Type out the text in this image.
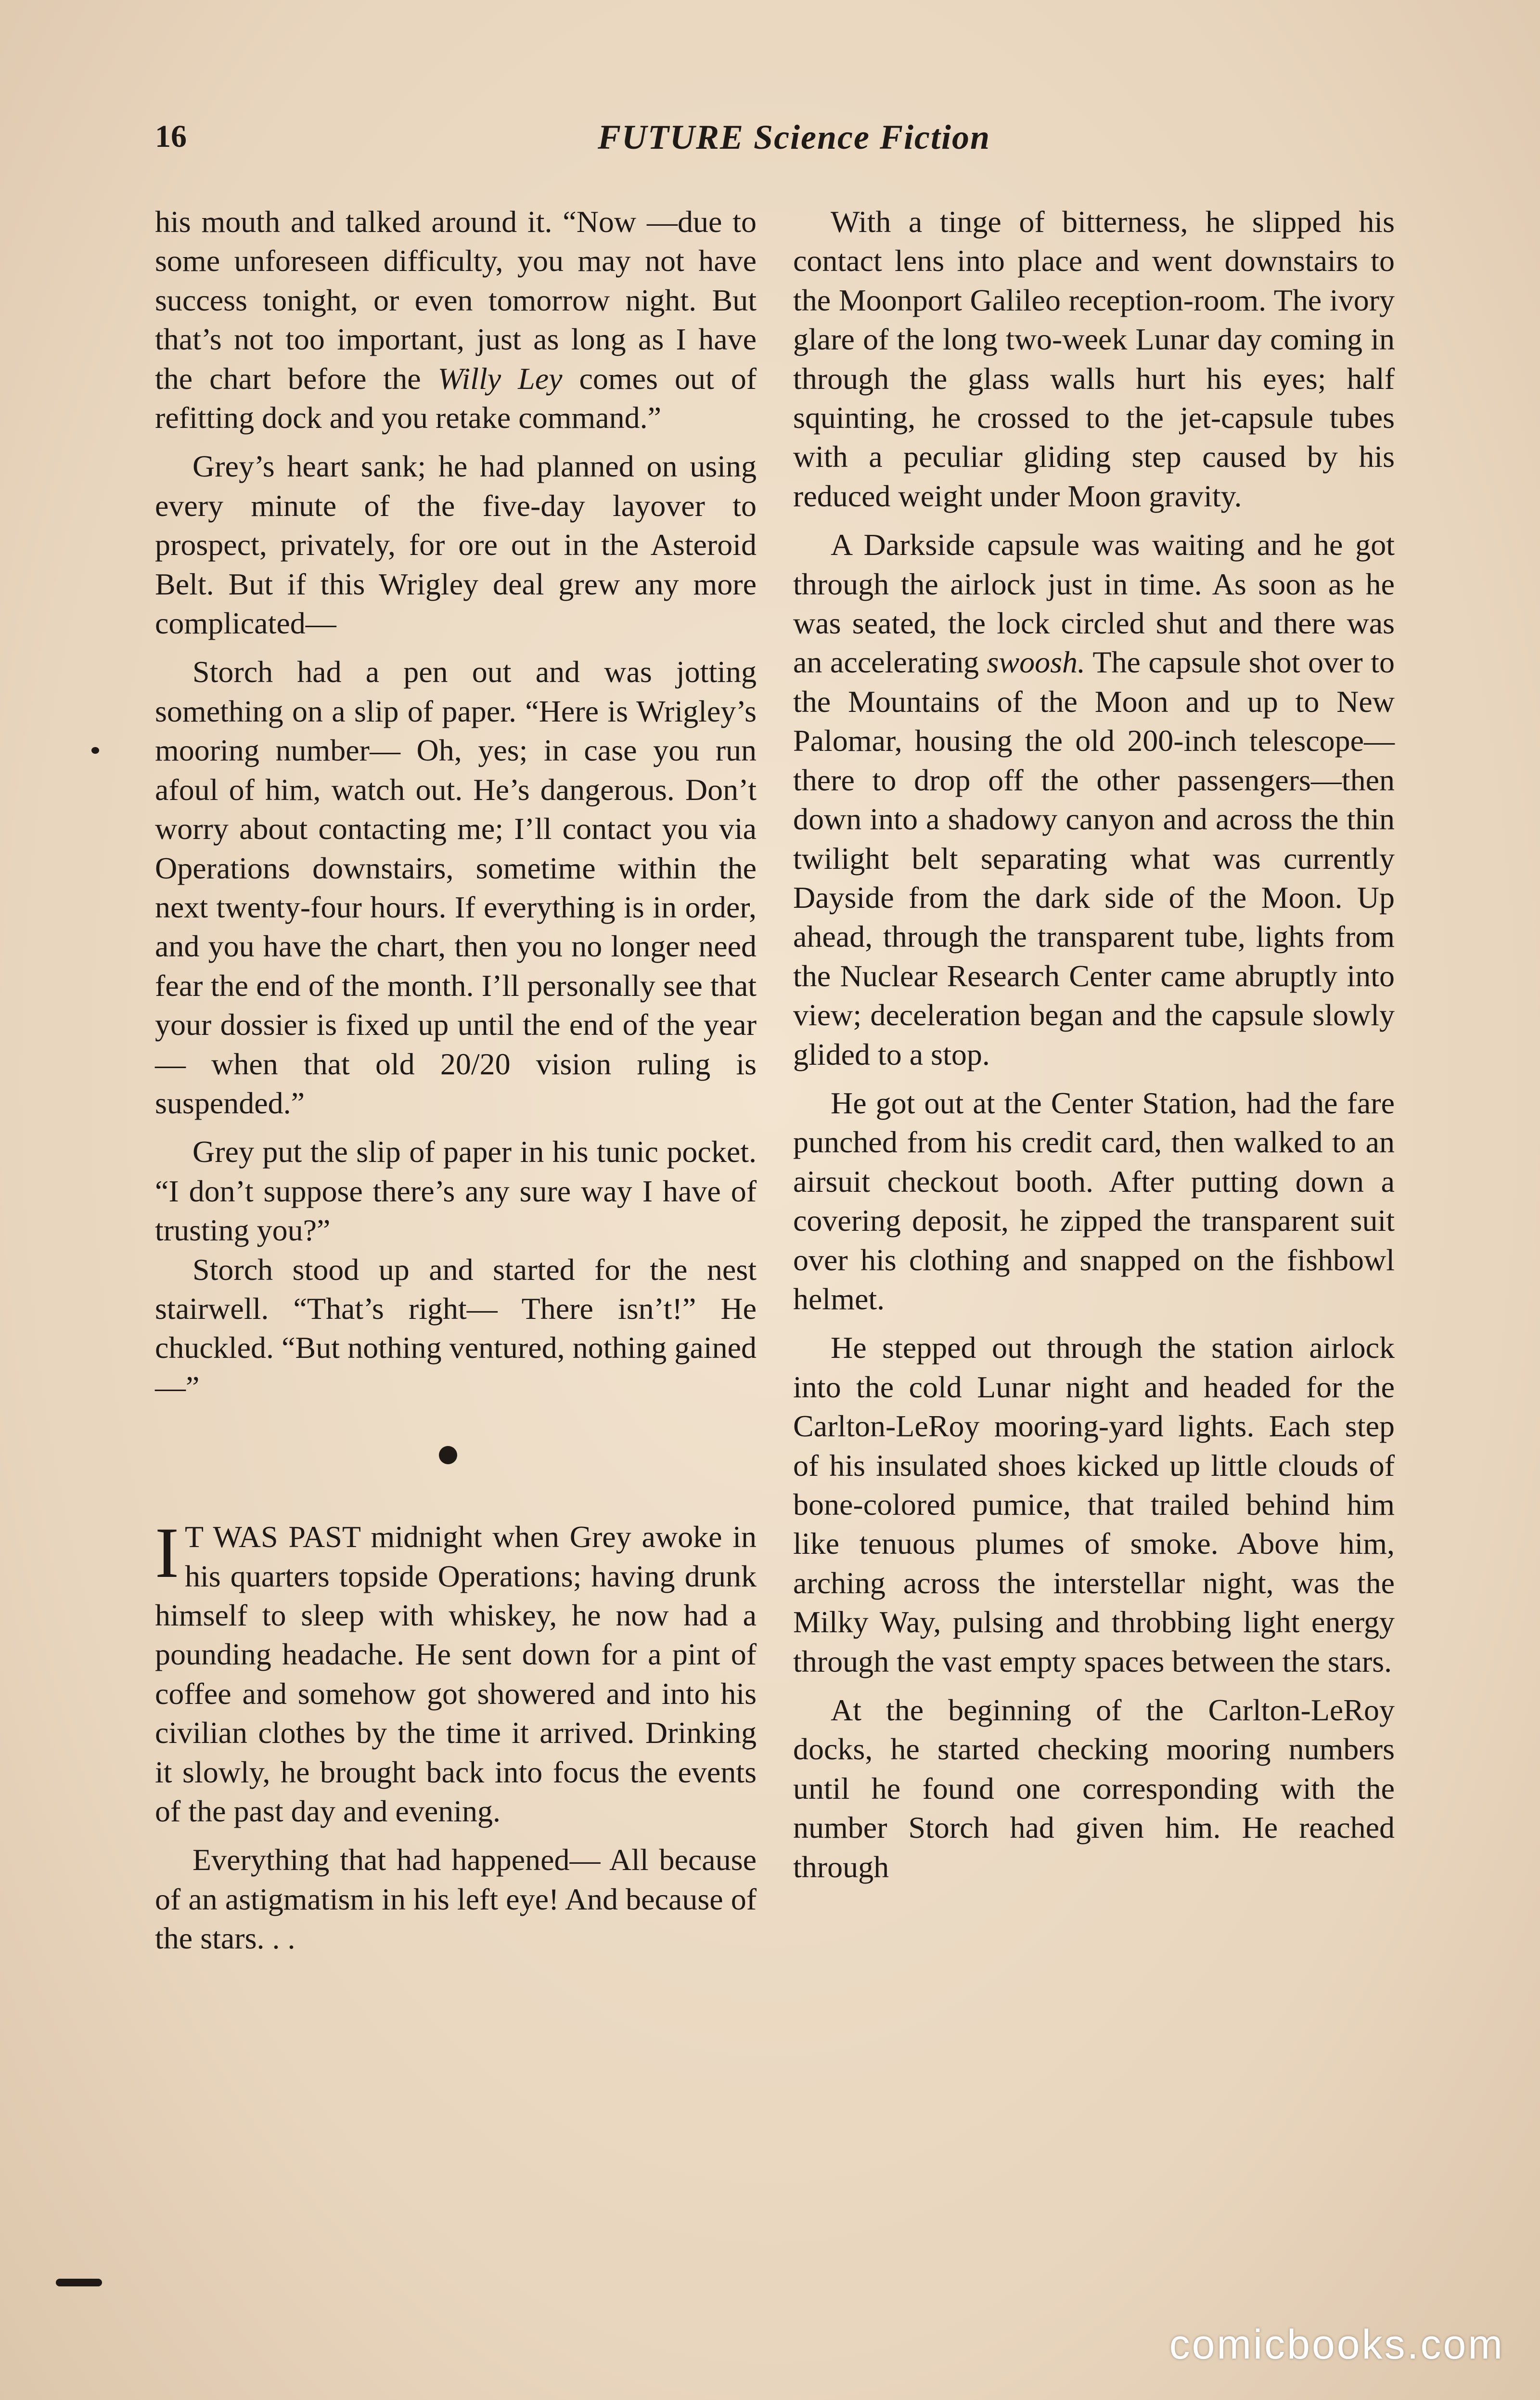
16	FUTURE Science Fiction

his mouth and talked around it. “Now —due to some unforeseen difficulty, you may not have success tonight, or even tomorrow night. But that’s not too important, just as long as I have the chart before the Willy Ley comes out of refitting dock and you retake command.”

Grey’s heart sank; he had planned on using every minute of the five-day layover to prospect, privately, for ore out in the Asteroid Belt. But if this Wrigley deal grew any more complicated—

Storch had a pen out and was jotting something on a slip of paper. “Here is Wrigley’s mooring number— Oh, yes; in case you run afoul of him, watch out. He’s dangerous. Don’t worry about contacting me; I’ll contact you via Operations downstairs, sometime within the next twenty-four hours. If everything is in order, and you have the chart, then you no longer need fear the end of the month. I’ll personally see that your dossier is fixed up until the end of the year— when that old 20/20 vision ruling is suspended.”

Grey put the slip of paper in his tunic pocket. “I don’t suppose there’s any sure way I have of trusting you?”

Storch stood up and started for the nest stairwell. “That’s right— There isn’t!” He chuckled. “But nothing ventured, nothing gained—”

I T WAS PAST midnight when Grey awoke in his quarters topside Operations; having drunk himself to sleep with whiskey, he now had a pounding headache. He sent down for a pint of coffee and somehow got showered and into his civilian clothes by the time it arrived. Drinking it slowly, he brought back into focus the events of the past day and evening.

Everything that had happened— All because of an astigmatism in his left eye! And because of the stars. . .

With a tinge of bitterness, he slipped his contact lens into place and went downstairs to the Moonport Galileo reception-room. The ivory glare of the long two-week Lunar day coming in through the glass walls hurt his eyes; half squinting, he crossed to the jet-capsule tubes with a peculiar gliding step caused by his reduced weight under Moon gravity.

A Darkside capsule was waiting and he got through the airlock just in time. As soon as he was seated, the lock circled shut and there was an accelerating swoosh. The capsule shot over to the Mountains of the Moon and up to New Palomar, housing the old 200-inch telescope—there to drop off the other passengers—then down into a shadowy canyon and across the thin twilight belt separating what was currently Dayside from the dark side of the Moon. Up ahead, through the transparent tube, lights from the Nuclear Research Center came abruptly into view; deceleration began and the capsule slowly glided to a stop.

He got out at the Center Station, had the fare punched from his credit card, then walked to an airsuit checkout booth. After putting down a covering deposit, he zipped the transparent suit over his clothing and snapped on the fishbowl helmet.

He stepped out through the station airlock into the cold Lunar night and headed for the Carlton-LeRoy mooring-yard lights. Each step of his insulated shoes kicked up little clouds of bone-colored pumice, that trailed behind him like tenuous plumes of smoke. Above him, arching across the interstellar night, was the Milky Way, pulsing and throbbing light energy through the vast empty spaces between the stars.

At the beginning of the Carlton-LeRoy docks, he started checking mooring numbers until he found one corresponding with the number Storch had given him. He reached through

comicbooks.com
